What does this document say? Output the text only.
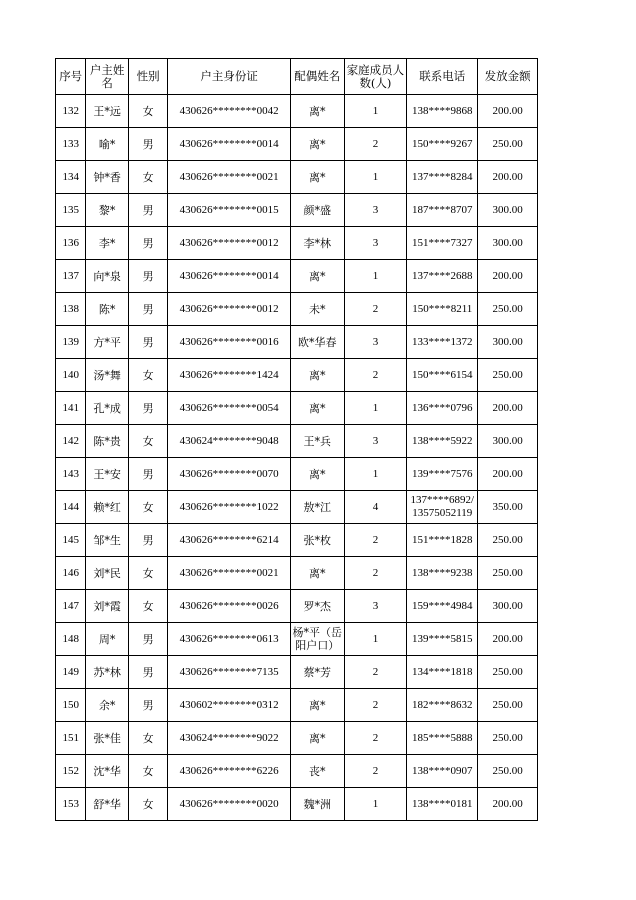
序号	户主姓名	性别	户主身份证	配偶姓名	家庭成员人数(人)	联系电话	发放金额
132	王*远	女	430626********0042	离*	1	138****9868	200.00
133	喻*	男	430626********0014	离*	2	150****9267	250.00
134	钟*香	女	430626********0021	离*	1	137****8284	200.00
135	黎*	男	430626********0015	颜*盛	3	187****8707	300.00
136	李*	男	430626********0012	李*林	3	151****7327	300.00
137	向*泉	男	430626********0014	离*	1	137****2688	200.00
138	陈*	男	430626********0012	未*	2	150****8211	250.00
139	方*平	男	430626********0016	欧*华春	3	133****1372	300.00
140	汤*舞	女	430626********1424	离*	2	150****6154	250.00
141	孔*成	男	430626********0054	离*	1	136****0796	200.00
142	陈*贵	女	430624********9048	王*兵	3	138****5922	300.00
143	王*安	男	430626********0070	离*	1	139****7576	200.00
144	赖*红	女	430626********1022	敖*江	4	137****6892/13575052119	350.00
145	邹*生	男	430626********6214	张*枚	2	151****1828	250.00
146	刘*民	女	430626********0021	离*	2	138****9238	250.00
147	刘*霞	女	430626********0026	罗*杰	3	159****4984	300.00
148	周*	男	430626********0613	杨*平（岳阳户口）	1	139****5815	200.00
149	苏*林	男	430626********7135	蔡*芳	2	134****1818	250.00
150	余*	男	430602********0312	离*	2	182****8632	250.00
151	张*佳	女	430624********9022	离*	2	185****5888	250.00
152	沈*华	女	430626********6226	丧*	2	138****0907	250.00
153	舒*华	女	430626********0020	魏*洲	1	138****0181	200.00
